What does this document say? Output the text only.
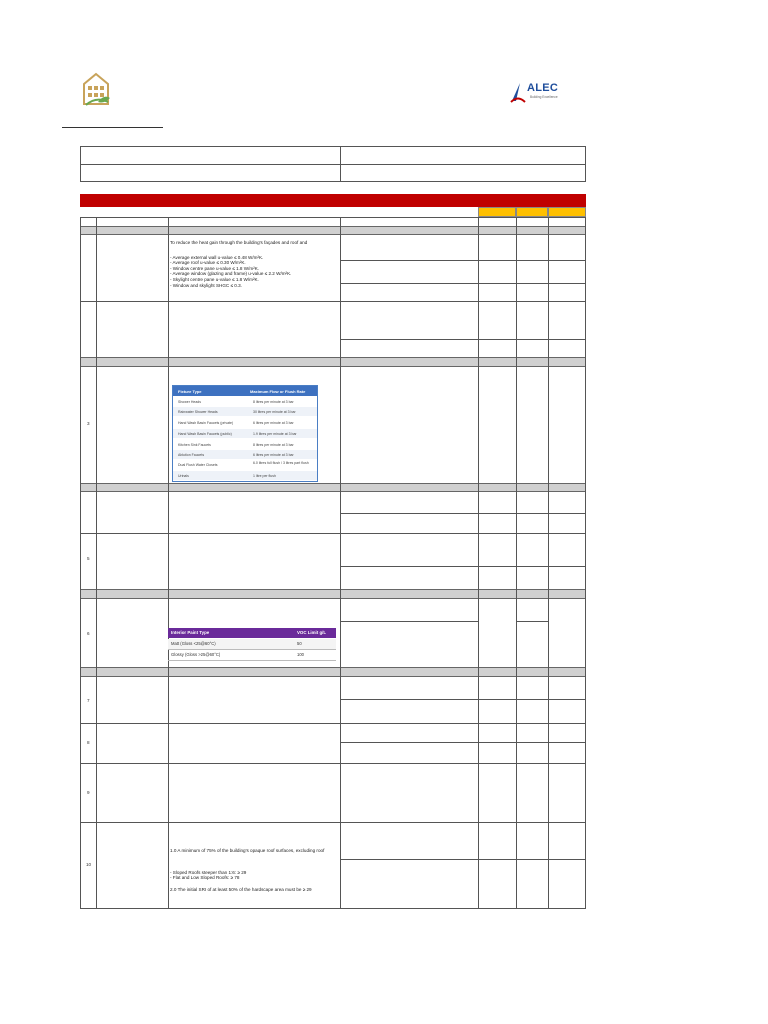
ALEC
Building Excellence
To reduce the heat gain through the building's façades and roof and
- Average external wall u-value ≤ 0.48 W/m²K.
- Average roof u-value ≤ 0.30 W/m²K.
- Window centre pane u-value ≤ 1.8 W/m²K.
- Average window (glazing and frame) u-value ≤ 2.2 W/m²K.
- Skylight centre pane u-value ≤ 1.8 W/m²K.
- Window and skylight SHGC ≤ 0.3.
3
5
6
7
8
9
10
Fixture Type	Maximum Flow or Flush Rate
Shower Heads	8 litres per minute at 3 bar
Rainwater Shower Heads	30 litres per minute at 3 bar
Hand Wash Basin Faucets (private)	6 litres per minute at 3 bar
Hand Wash Basin Faucets (public)	1.9 litres per minute at 3 bar
Kitchen Sink Faucets	8 litres per minute at 3 bar
Ablution Faucets	6 litres per minute at 3 bar
Dual Flush Water Closets	6.0 litres full flush / 3 litres part flush
Urinals	1 litre per flush
Interior Paint Type	VOC Limit g/L
Matt (Gloss <25@60°C)	50
Glossy (Gloss >25@60°C)	100
1.0 A minimum of 75% of the building's opaque roof surfaces, excluding roof
- Sloped Roofs steeper than 1:6: ≥ 29
- Flat and Low Sloped Roofs: ≥ 78
2.0 The initial SRI of at least 50% of the hardscape area must be ≥ 29
